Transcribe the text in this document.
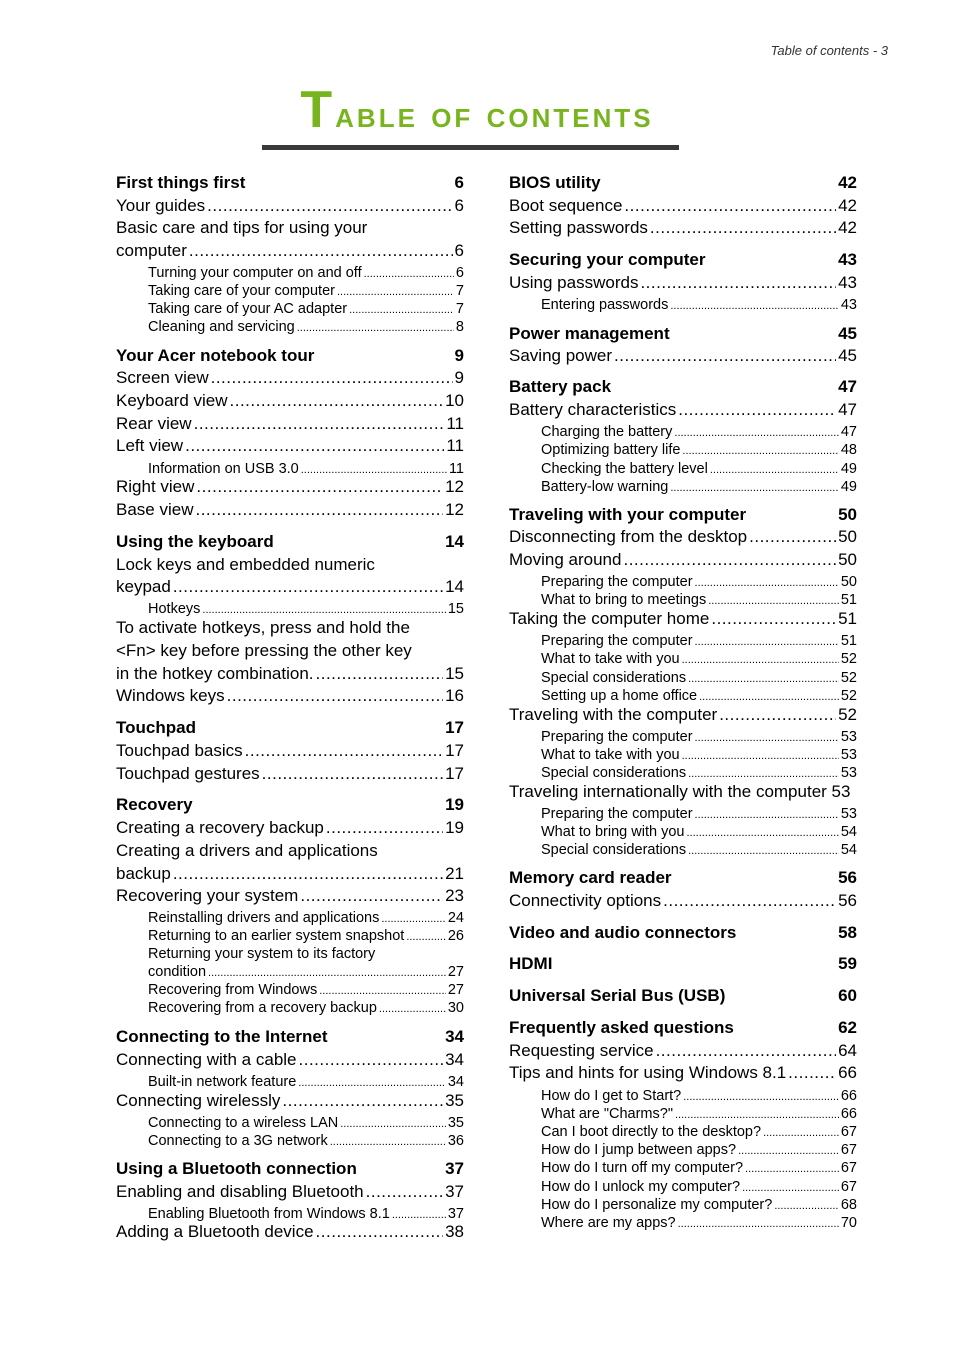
Table of contents - 3
Table of contents
First things first	6
Your guides .....	6
Basic care and tips for using your
computer .....	6
Turning your computer on and off .....	6
Taking care of your computer .....	7
Taking care of your AC adapter .....	7
Cleaning and servicing .....	8
Your Acer notebook tour	9
Screen view .....	9
Keyboard view .....	10
Rear view .....	11
Left view .....	11
Information on USB 3.0 .....	11
Right view .....	12
Base view .....	12
Using the keyboard	14
Lock keys and embedded numeric
keypad .....	14
Hotkeys .....	15
To activate hotkeys, press and hold the
<Fn> key before pressing the other key
in the hotkey combination. .....	15
Windows keys .....	16
Touchpad	17
Touchpad basics .....	17
Touchpad gestures .....	17
Recovery	19
Creating a recovery backup .....	19
Creating a drivers and applications
backup .....	21
Recovering your system .....	23
Reinstalling drivers and applications .....	24
Returning to an earlier system snapshot .....	26
Returning your system to its factory
condition .....	27
Recovering from Windows .....	27
Recovering from a recovery backup .....	30
Connecting to the Internet	34
Connecting with a cable .....	34
Built-in network feature .....	34
Connecting wirelessly .....	35
Connecting to a wireless LAN .....	35
Connecting to a 3G network .....	36
Using a Bluetooth connection	37
Enabling and disabling Bluetooth .....	37
Enabling Bluetooth from Windows 8.1 .....	37
Adding a Bluetooth device .....	38
BIOS utility	42
Boot sequence .....	42
Setting passwords .....	42
Securing your computer	43
Using passwords .....	43
Entering passwords .....	43
Power management	45
Saving power .....	45
Battery pack	47
Battery characteristics .....	47
Charging the battery .....	47
Optimizing battery life .....	48
Checking the battery level .....	49
Battery-low warning .....	49
Traveling with your computer	50
Disconnecting from the desktop .....	50
Moving around .....	50
Preparing the computer .....	50
What to bring to meetings .....	51
Taking the computer home .....	51
Preparing the computer .....	51
What to take with you .....	52
Special considerations .....	52
Setting up a home office .....	52
Traveling with the computer .....	52
Preparing the computer .....	53
What to take with you .....	53
Special considerations .....	53
Traveling internationally with the computer 53
Preparing the computer .....	53
What to bring with you .....	54
Special considerations .....	54
Memory card reader	56
Connectivity options .....	56
Video and audio connectors	58
HDMI	59
Universal Serial Bus (USB)	60
Frequently asked questions	62
Requesting service .....	64
Tips and hints for using Windows 8.1 .....	66
How do I get to Start? .....	66
What are "Charms?" .....	66
Can I boot directly to the desktop? .....	67
How do I jump between apps? .....	67
How do I turn off my computer? .....	67
How do I unlock my computer? .....	67
How do I personalize my computer? .....	68
Where are my apps? .....	70
